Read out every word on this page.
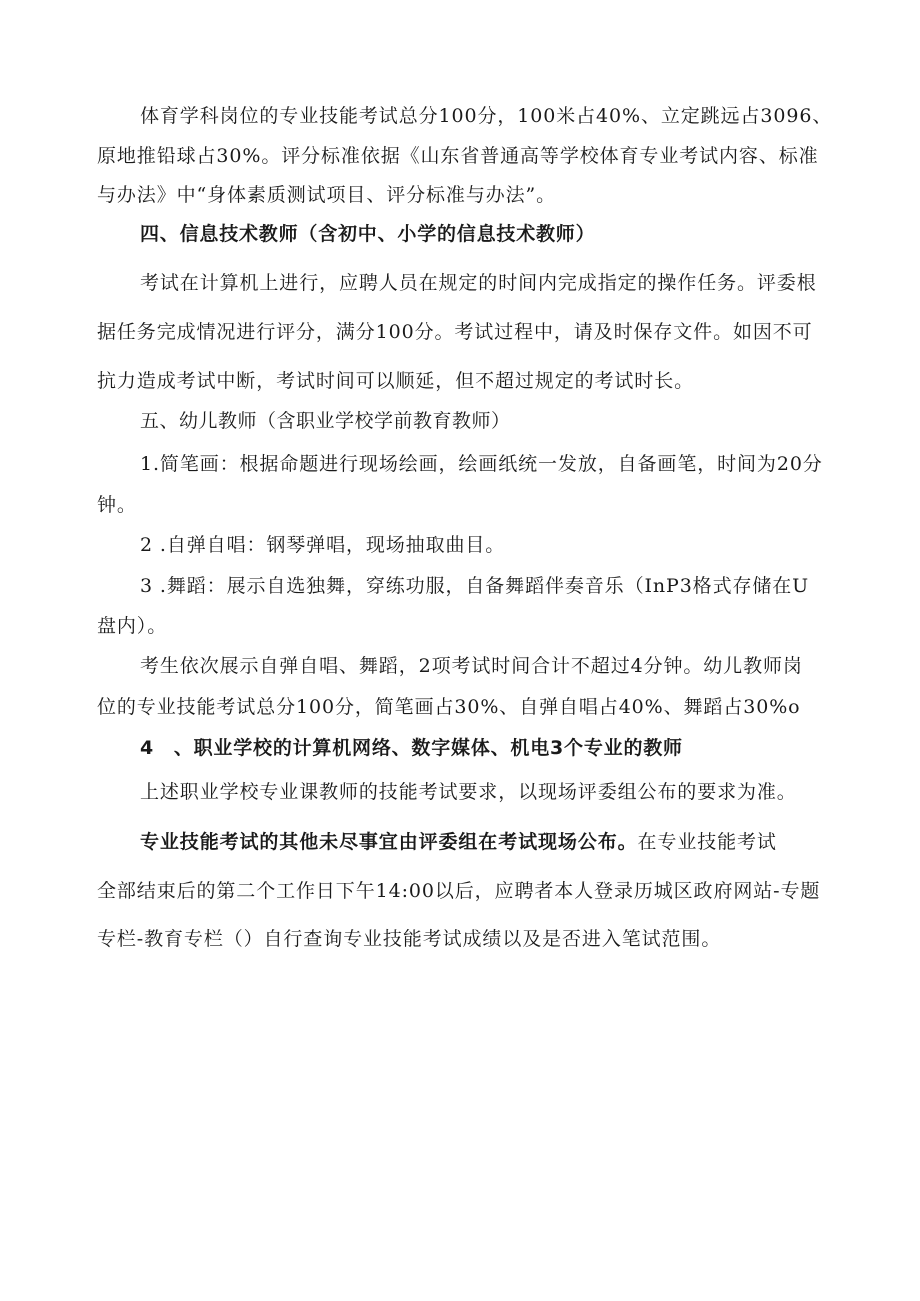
体育学科岗位的专业技能考试总分100分，100米占40%、立定跳远占3096、
原地推铅球占30%。评分标准依据《山东省普通高等学校体育专业考试内容、标准
与办法》中“身体素质测试项目、评分标准与办法”。
四、信息技术教师（含初中、小学的信息技术教师）
考试在计算机上进行，应聘人员在规定的时间内完成指定的操作任务。评委根
据任务完成情况进行评分，满分100分。考试过程中，请及时保存文件。如因不可
抗力造成考试中断，考试时间可以顺延，但不超过规定的考试时长。
五、幼儿教师（含职业学校学前教育教师）
1.简笔画：根据命题进行现场绘画，绘画纸统一发放，自备画笔，时间为20分
钟。
2 .自弹自唱：钢琴弹唱，现场抽取曲目。
3 .舞蹈：展示自选独舞，穿练功服，自备舞蹈伴奏音乐（InP3格式存储在U
盘内）。
考生依次展示自弹自唱、舞蹈，2项考试时间合计不超过4分钟。幼儿教师岗
位的专业技能考试总分100分，简笔画占30%、自弹自唱占40%、舞蹈占30%o
4　、职业学校的计算机网络、数字媒体、机电3个专业的教师
上述职业学校专业课教师的技能考试要求，以现场评委组公布的要求为准。
专业技能考试的其他未尽事宜由评委组在考试现场公布。在专业技能考试
全部结束后的第二个工作日下午14:00以后，应聘者本人登录历城区政府网站-专题
专栏-教育专栏（）自行查询专业技能考试成绩以及是否进入笔试范围。
